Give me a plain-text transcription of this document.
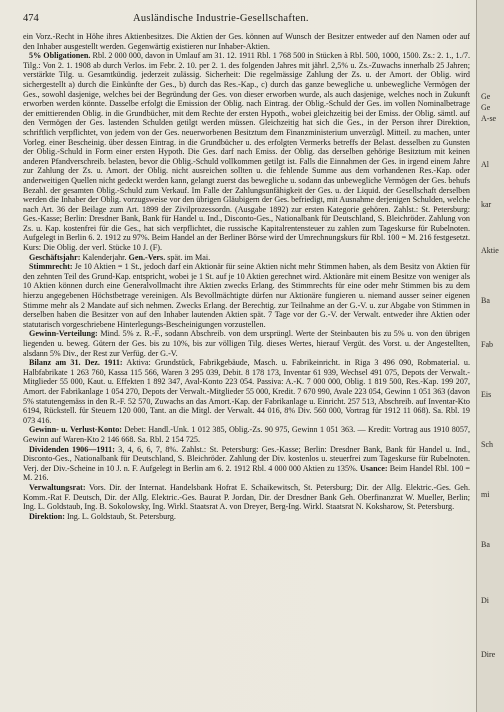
474	Ausländische Industrie-Gesellschaften.

ein Vorz.-Recht in Höhe ihres Aktienbesitzes. Die Aktien der Ges. können auf Wunsch der Besitzer entweder auf den Namen oder auf den Inhaber ausgestellt werden. Gegenwärtig existieren nur Inhaber-Aktien.

5% Obligationen. Rbl. 2 000 000, davon in Umlauf am 31. 12. 1911 Rbl. 1 768 500 in Stücken à Rbl. 500, 1000, 1500. Zs.: 2. 1., 1./7. Tilg.: Von 2. 1. 1908 ab durch Verlos. im Febr. 2. 10. per 2. 1. des folgenden Jahres mit jährl. 2,5% u. Zs.-Zuwachs innerhalb 25 Jahren; verstärkte Tilg. u. Gesamtkündig. jederzeit zulässig. Sicherheit: Die regelmässige Zahlung der Zs. u. der Amort. der Oblig. wird sichergestellt a) durch die Einkünfte der Ges., b) durch das Res.-Kap., c) durch das ganze bewegliche u. unbewegliche Vermögen der Ges., sowohl dasjenige, welches bei der Begründung der Ges. von dieser erworben wurde, als auch dasjenige, welches noch in Zukunft erworben werden könnte. Dasselbe erfolgt die Emission der Oblig. nach Eintrag. der Oblig.-Schuld der Ges. im vollen Nominalbetrage der emittierenden Oblig. in die Grundbücher, mit dem Rechte der ersten Hypoth., wobei gleichzeitig bei der Emiss. der Oblig. sämtl. auf den Vermögen der Ges. lastenden Schulden getilgt werden müssen. Gleichzeitig hat sich die Ges., in der Person ihrer Direktion, schriftlich verpflichtet, von jedem von der Ges. neuerworbenen Besitztum dem Finanzministerium unverzügl. Mitteil. zu machen, unter Vorleg. einer Bescheinig. über dessen Eintrag. in die Grundbücher u. des erfolgten Vermerks betreffs der Belast. desselben zu Gunsten der Oblig.-Schuld in Form einer ersten Hypoth. Die Ges. darf nach Emiss. der Oblig. das derselben gehörige Besitztum mit keinen anderen Pfandverschreib. belasten, bevor die Oblig.-Schuld vollkommen getilgt ist. Falls die Einnahmen der Ges. in irgend einem Jahre zur Zahlung der Zs. u. Amort. der Oblig. nicht ausreichen sollten u. die fehlende Summe aus dem vorhandenen Res.-Kap. oder anderweitigen Quellen nicht gedeckt werden kann, gelangt zuerst das bewegliche u. sodann das unbewegliche Vermögen der Ges. behufs Bezahl. der gesamten Oblig.-Schuld zum Verkauf. Im Falle der Zahlungsunfähigkeit der Ges. u. der Liquid. der Gesellschaft derselben werden die Inhaber der Oblig. vorzugsweise vor den übrigen Gläubigern der Ges. befriedigt, mit Ausnahme derjenigen Schulden, welche nach Art. 36 der Beilage zum Art. 1899 der Zivilprozessordn. (Ausgabe 1892) zur ersten Kategorie gehören. Zahlst.: St. Petersburg: Ges.-Kasse; Berlin: Dresdner Bank, Bank für Handel u. Ind., Disconto-Ges., Nationalbank für Deutschland, S. Bleichröder. Zahlung von Zs. u. Kap. kostenfrei für die Ges., hat sich verpflichtet, die russische Kapitalrentensteuer zu zahlen zum Tageskurse für Rubelnoten. Aufgelegt in Berlin 6. 2. 1912 zu 97%. Beim Handel an der Berliner Börse wird der Umrechnungskurs für Rbl. 100 = M. 216 festgesetzt. Kurs: Die Oblig. der verl. Stücke 10 J. (F).

Geschäftsjahr: Kalenderjahr. Gen.-Vers. spät. im Mai.

Stimmrecht: Je 10 Aktien = 1 St., jedoch darf ein Aktionär für seine Aktien nicht mehr Stimmen haben, als dem Besitz von Aktien für den zehnten Teil des Grund-Kap. entspricht, wobei je 1 St. auf je 10 Aktien gerechnet wird. Aktionäre mit einem Besitze von weniger als 10 Aktien können durch eine Generalvollmacht ihre Aktien zwecks Erlang. des Stimmrechts für eine oder mehr Stimmen bis zu dem hierzu angegebenen Höchstbetrage vereinigen. Als Bevollmächtigte dürfen nur Aktionäre fungieren u. niemand ausser seiner eigenen Stimme mehr als 2 Mandate auf sich nehmen. Zwecks Erlang. der Berechtig. zur Teilnahme an der G.-V. u. zur Abgabe von Stimmen in derselben haben die Besitzer von auf den Inhaber lautenden Aktien spät. 7 Tage vor der G.-V. der Verwalt. entweder ihre Aktien oder statutarisch vorgeschriebene Hinterlegungs-Bescheinigungen vorzustellen.

Gewinn-Verteilung: Mind. 5% z. R.-F., sodann Abschreib. von dem ursprüngl. Werte der Steinbauten bis zu 5% u. von den übrigen liegenden u. beweg. Gütern der Ges. bis zu 10%, bis zur völligen Tilg. dieses Wertes, hierauf Vergüt. des Vorst. u. der Angestellten, alsdann 5% Div., der Rest zur Verfüg. der G.-V.

Bilanz am 31. Dez. 1911: Aktiva: Grundstück, Fabrikgebäude, Masch. u. Fabrikeinricht. in Riga 3 496 090, Robmaterial. u. Halbfabrikate 1 263 760, Kassa 115 566, Waren 3 295 039, Debit. 8 178 173, Inventar 61 939, Wechsel 491 075, Depots der Verwalt.-Mitglieder 55 000, Kaut. u. Effekten 1 892 347, Aval-Konto 223 054. Passiva: A.-K. 7 000 000, Oblig. 1 819 500, Res.-Kap. 199 207, Amort. der Fabrikanlage 1 054 270, Depots der Verwalt.-Mitglieder 55 000, Kredit. 7 670 990, Avale 223 054, Gewinn 1 051 363 (davon 5% statutengemäss in den R.-F. 52 570, Zuwachs an das Amort.-Kap. der Fabrikanlage u. Einricht. 257 513, Abschreib. auf Inventar-Kto 6194, Rückstell. für Steuern 120 000, Tant. an die Mitgl. der Verwalt. 44 016, 8% Div. 560 000, Vortrag für 1912 11 068). Sa. Rbl. 19 073 416.

Gewinn- u. Verlust-Konto: Debet: Handl.-Unk. 1 012 385, Oblig.-Zs. 90 975, Gewinn 1 051 363. — Kredit: Vortrag aus 1910 8057, Gewinn auf Waren-Kto 2 146 668. Sa. Rbl. 2 154 725.

Dividenden 1906—1911: 3, 4, 6, 6, 7, 8%. Zahlst.: St. Petersburg: Ges.-Kasse; Berlin: Dresdner Bank, Bank für Handel u. Ind., Disconto-Ges., Nationalbank für Deutschland, S. Bleichröder. Zahlung der Div. kostenlos u. steuerfrei zum Tageskurse für Rubelnoten. Verj. der Div.-Scheine in 10 J. n. F. Aufgelegt in Berlin am 6. 2. 1912 Rbl. 4 000 000 Aktien zu 135%. Usance: Beim Handel Rbl. 100 = M. 216.

Verwaltungsrat: Vors. Dir. der Internat. Handelsbank Hofrat E. Schaikewitsch, St. Petersburg; Dir. der Allg. Elektric.-Ges. Geh. Komm.-Rat F. Deutsch, Dir. der Allg. Elektric.-Ges. Baurat P. Jordan, Dir. der Dresdner Bank Geh. Oberfinanzrat W. Mueller, Berlin; Ing. L. Goldstaub, Ing. B. Sokolowsky, Ing. Wirkl. Staatsrat A. von Dreyer, Berg-Ing. Wirkl. Staatsrat N. Koksharow, St. Petersburg.

Direktion: Ing. L. Goldstaub, St. Petersburg.

Ge
Ge
A-se
Al
kar
Aktie
Ba
Fab
Eis
Sch
mi
Ba
Di
Dire
